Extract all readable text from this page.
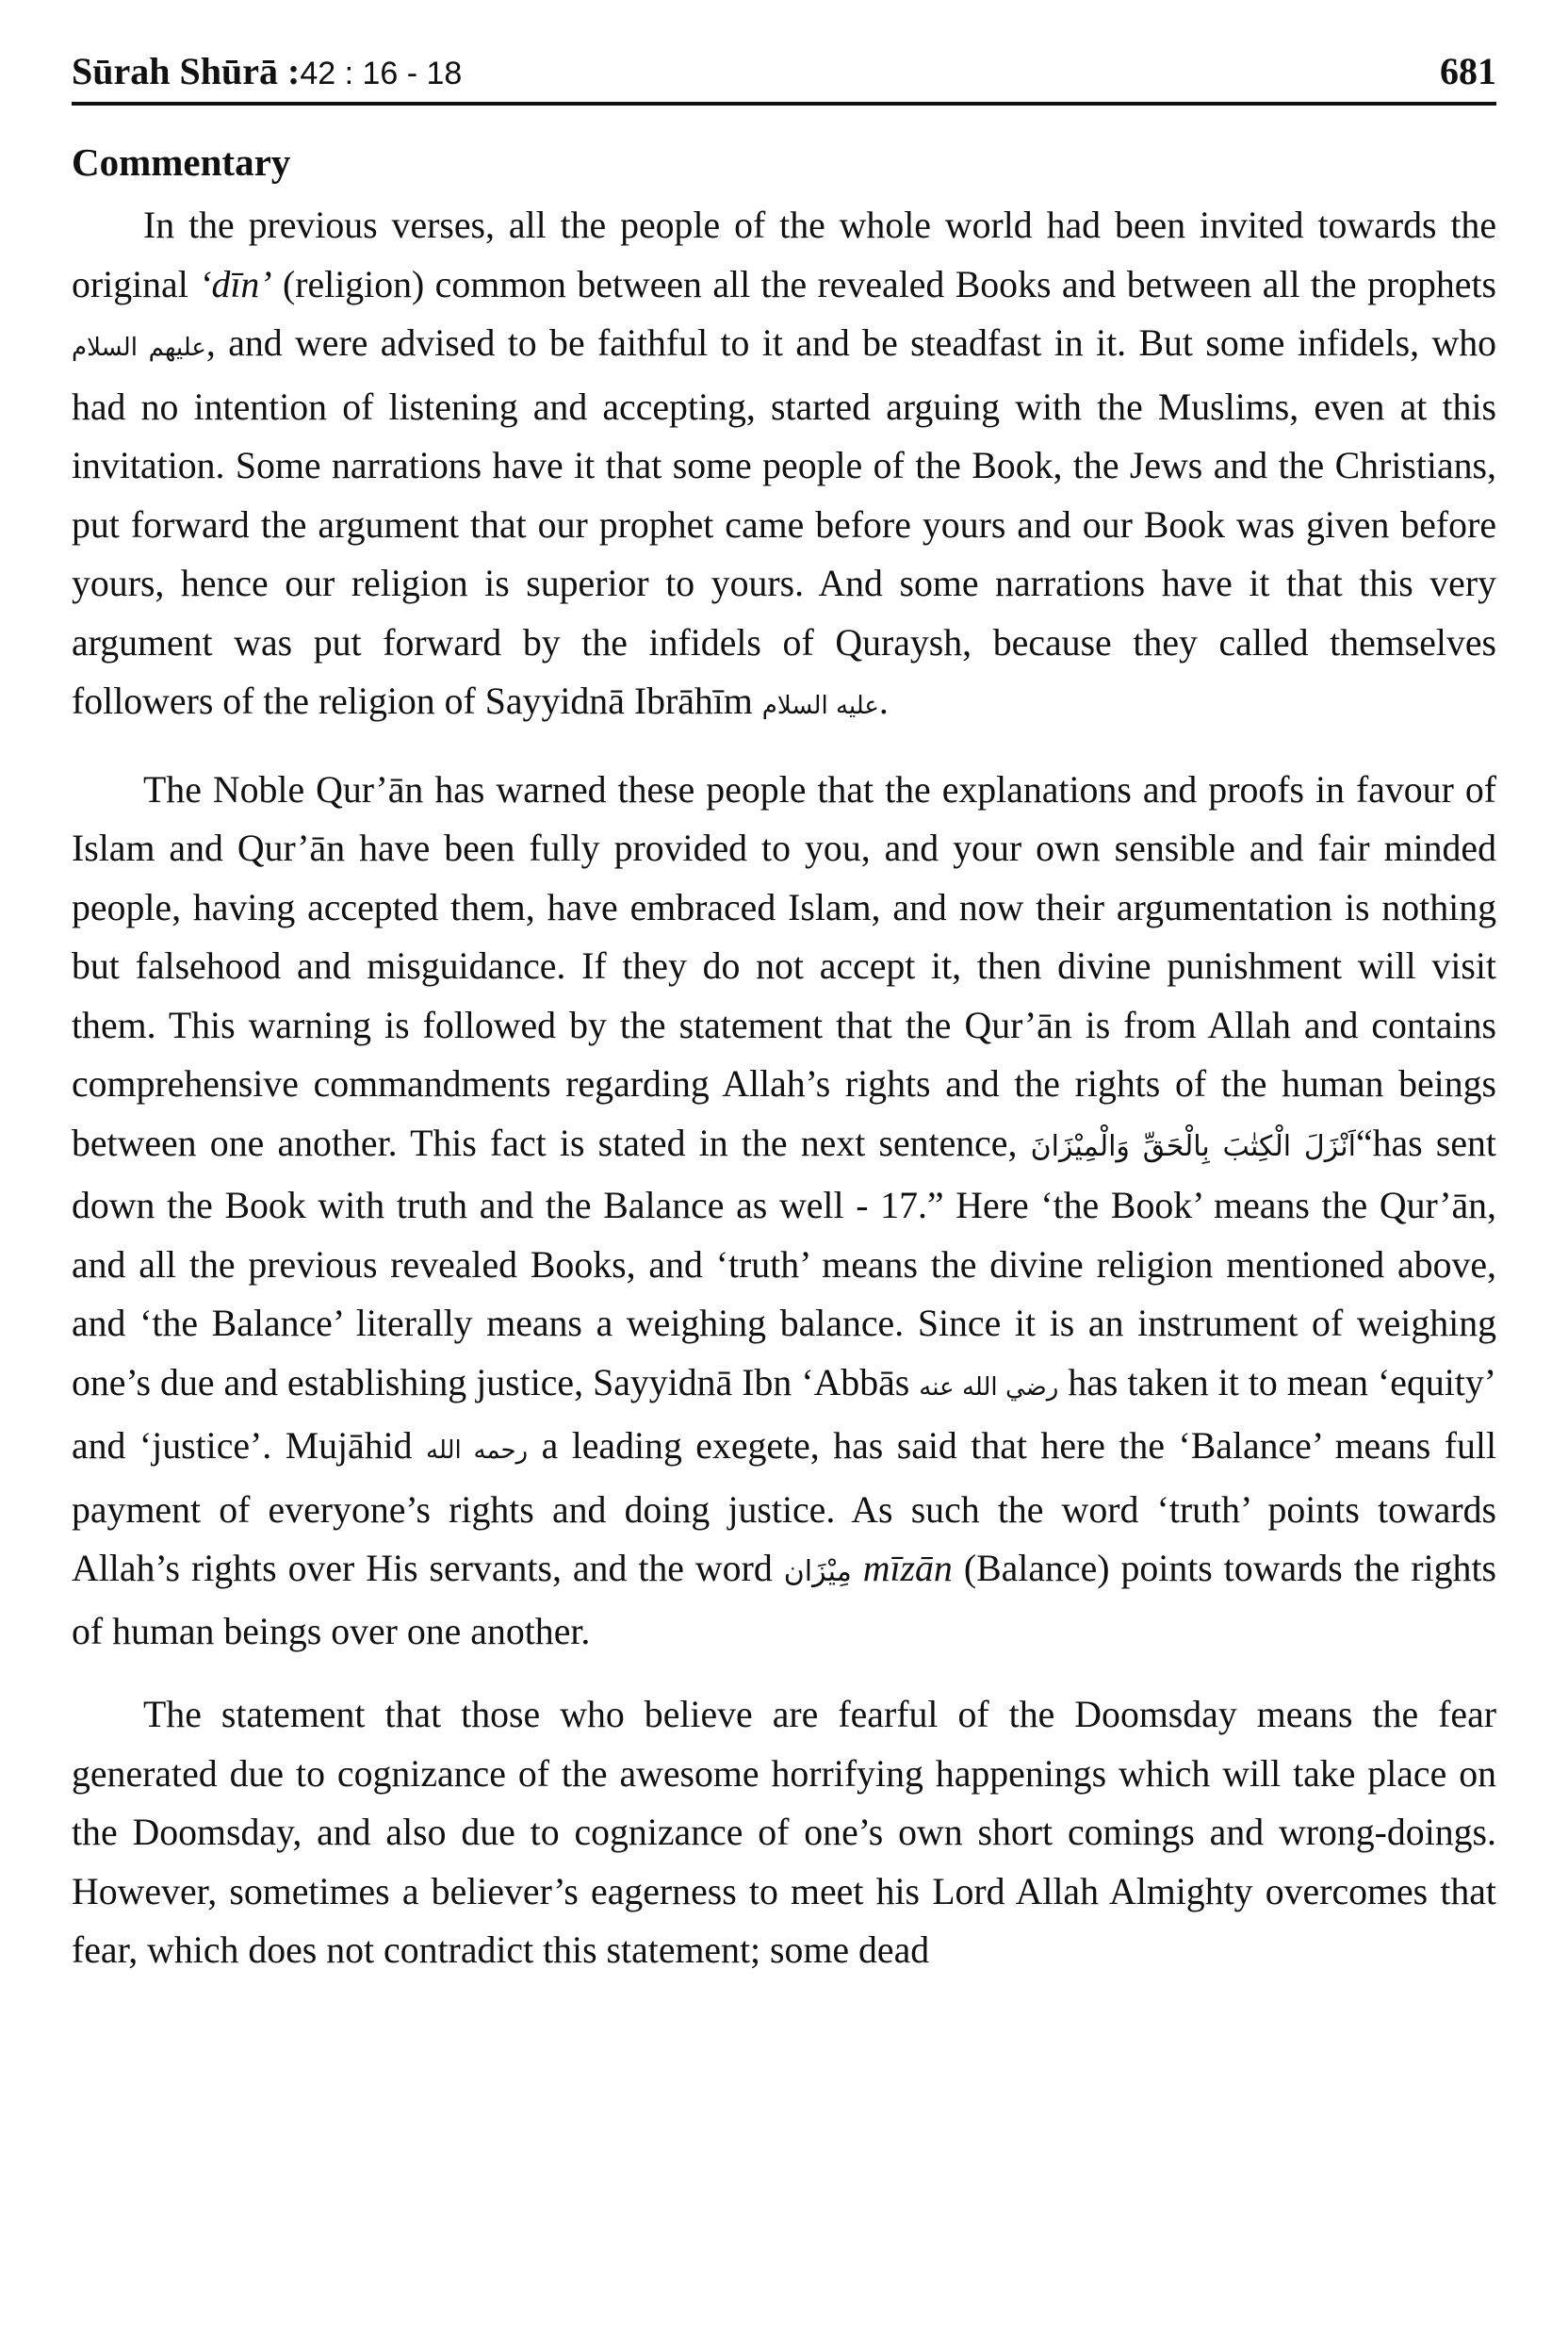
Sūrah Shūrā :42 : 16 - 18	681
Commentary

In the previous verses, all the people of the whole world had been invited towards the original ‘dīn’ (religion) common between all the revealed Books and between all the prophets عليهم السلام, and were advised to be faithful to it and be steadfast in it. But some infidels, who had no intention of listening and accepting, started arguing with the Muslims, even at this invitation. Some narrations have it that some people of the Book, the Jews and the Christians, put forward the argument that our prophet came before yours and our Book was given before yours, hence our religion is superior to yours. And some narrations have it that this very argument was put forward by the infidels of Quraysh, because they called themselves followers of the religion of Sayyidnā Ibrāhīm عليه السلام.

The Noble Qur’ān has warned these people that the explanations and proofs in favour of Islam and Qur’ān have been fully provided to you, and your own sensible and fair minded people, having accepted them, have embraced Islam, and now their argumentation is nothing but falsehood and misguidance. If they do not accept it, then divine punishment will visit them. This warning is followed by the statement that the Qur’ān is from Allah and contains comprehensive commandments regarding Allah’s rights and the rights of the human beings between one another. This fact is stated in the next sentence, اَنْزَلَ الْكِتٰبَ بِالْحَقِّ وَالْمِيْزَانَ“has sent down the Book with truth and the Balance as well - 17.” Here ‘the Book’ means the Qur’ān, and all the previous revealed Books, and ‘truth’ means the divine religion mentioned above, and ‘the Balance’ literally means a weighing balance. Since it is an instrument of weighing one’s due and establishing justice, Sayyidnā Ibn ‘Abbās رضي الله عنه has taken it to mean ‘equity’ and ‘justice’. Mujāhid رحمه الله a leading exegete, has said that here the ‘Balance’ means full payment of everyone’s rights and doing justice. As such the word ‘truth’ points towards Allah’s rights over His servants, and the word مِيْزَان mīzān (Balance) points towards the rights of human beings over one another.

The statement that those who believe are fearful of the Doomsday means the fear generated due to cognizance of the awesome horrifying happenings which will take place on the Doomsday, and also due to cognizance of one’s own short comings and wrong-doings. However, sometimes a believer’s eagerness to meet his Lord Allah Almighty overcomes that fear, which does not contradict this statement; some dead
